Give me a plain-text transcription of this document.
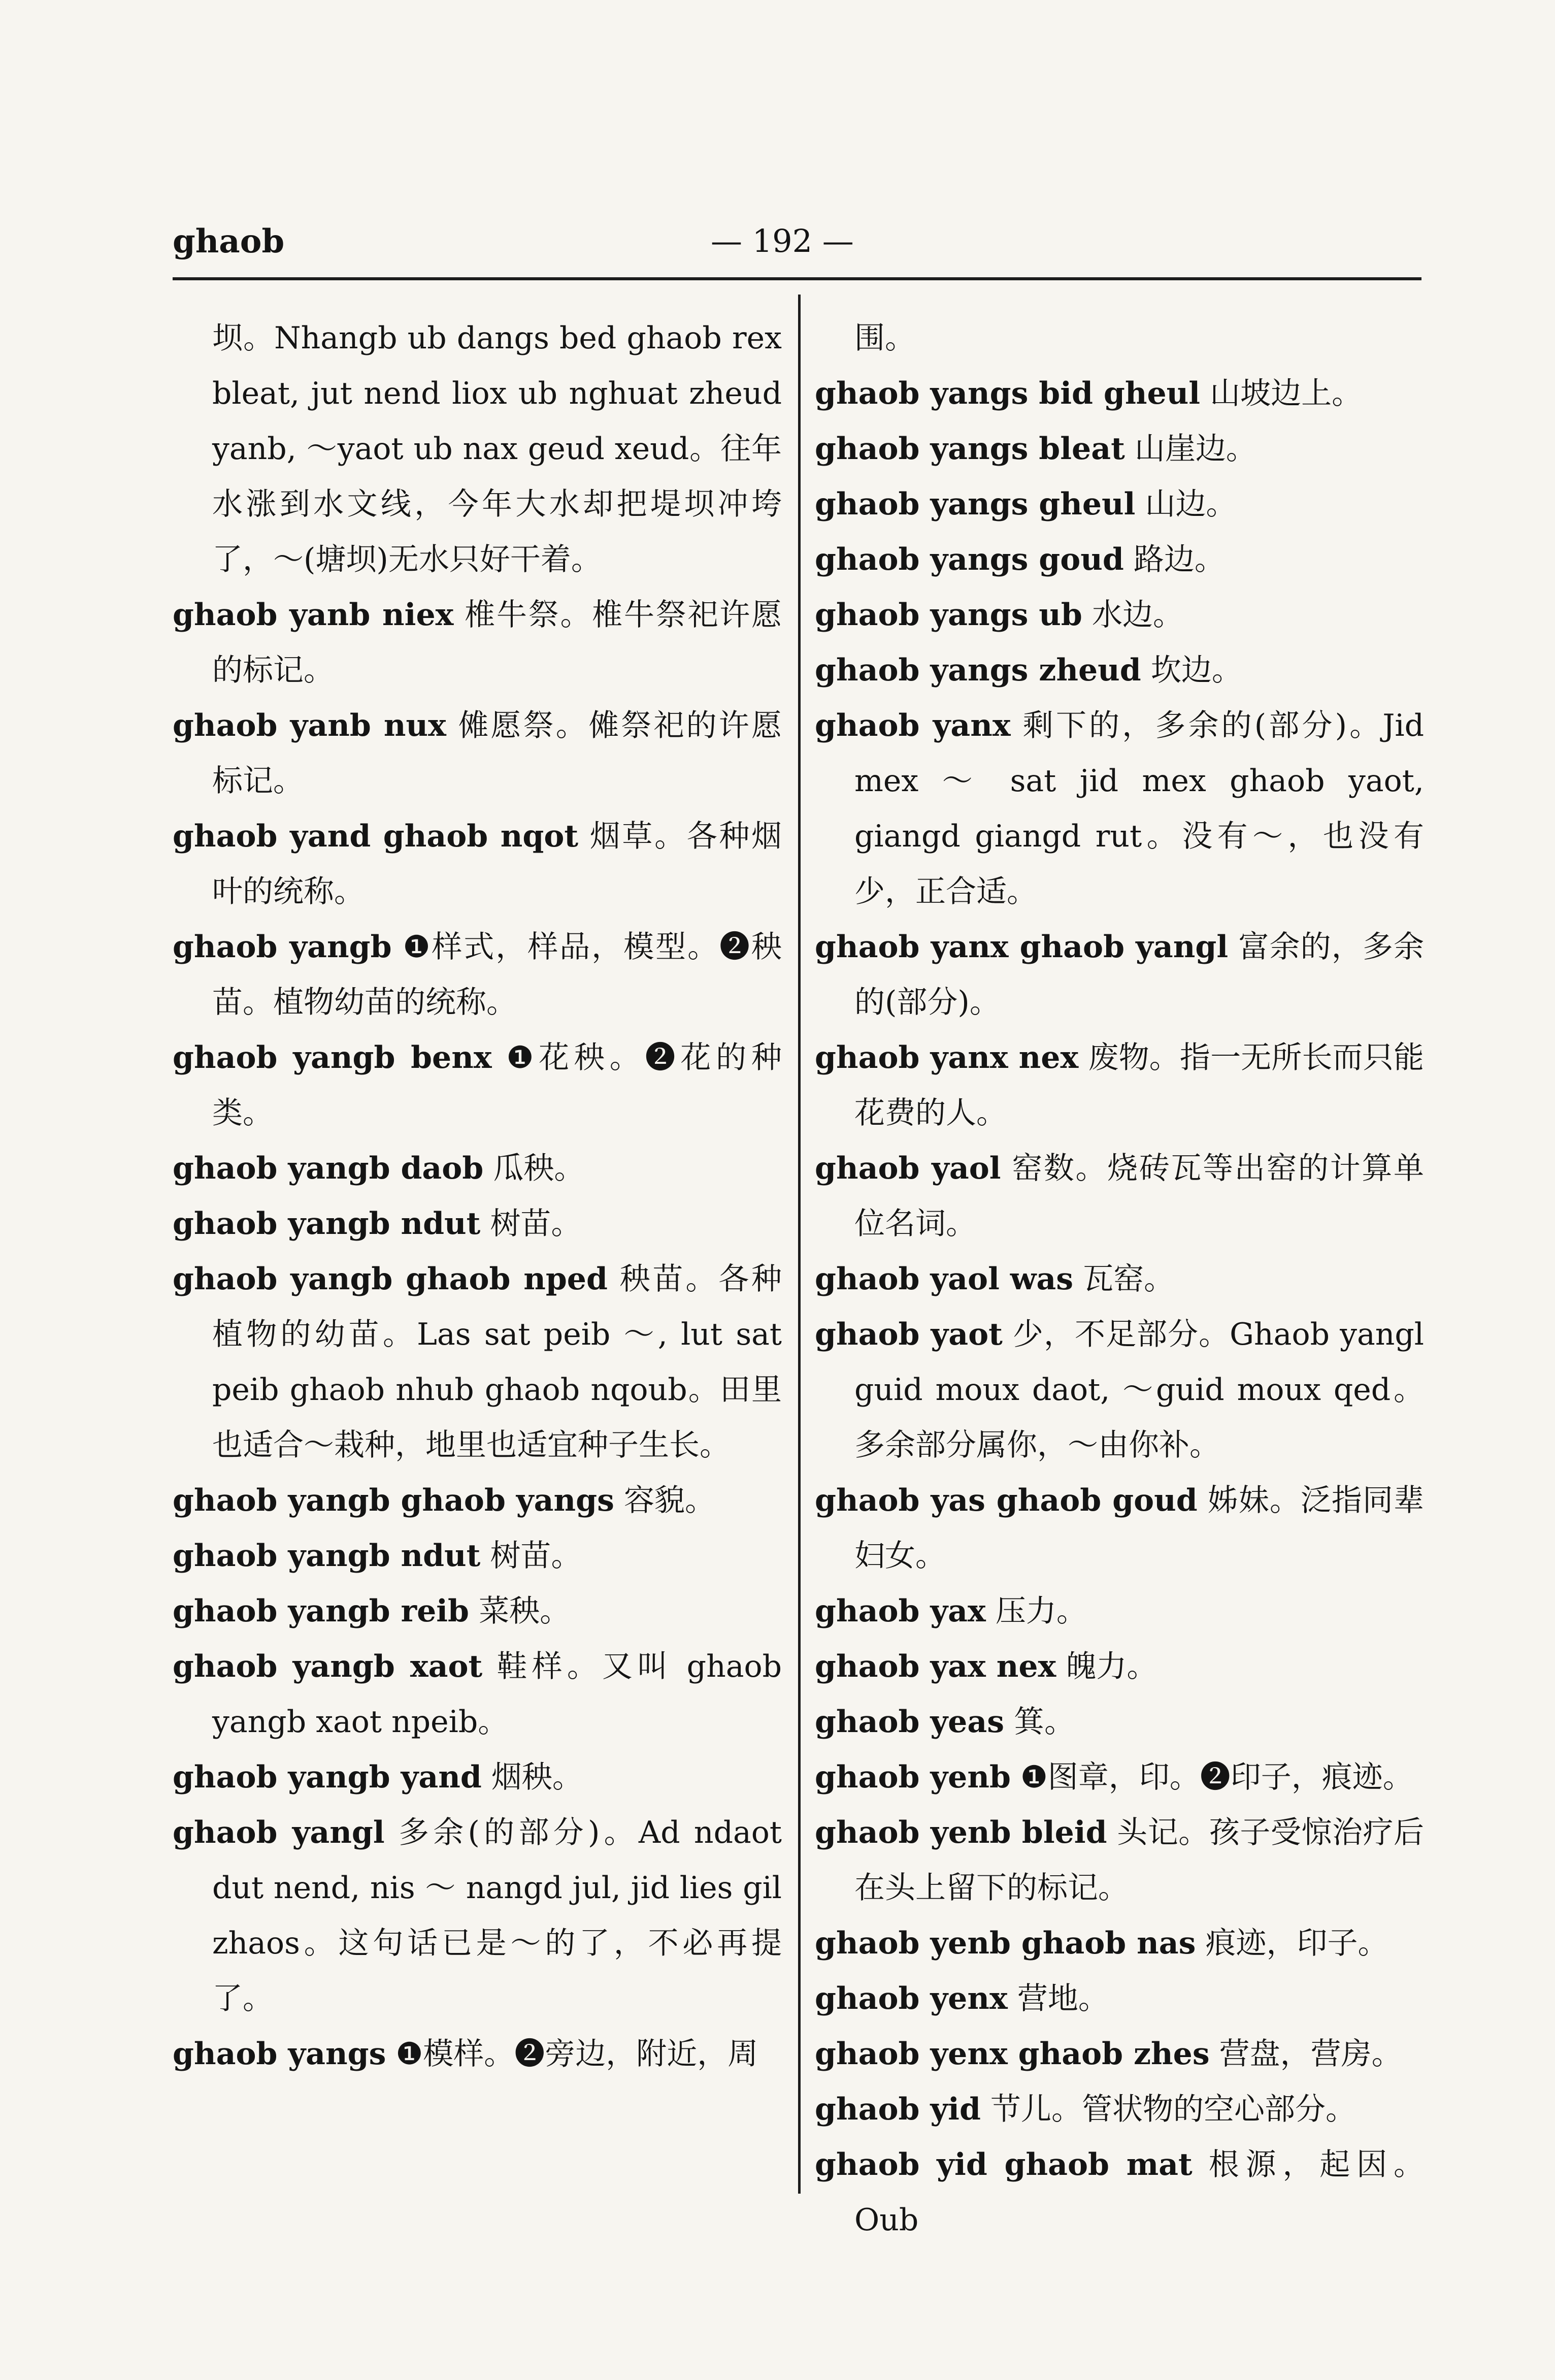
ghaob	— 192 —

坝。Nhangb ub dangs bed ghaob rex bleat, jut nend liox ub nghuat zheud yanb, ～yaot ub nax geud xeud。往年水涨到水文线，今年大水却把堤坝冲垮了，～(塘坝)无水只好干着。

ghaob yanb niex 椎牛祭。椎牛祭祀许愿的标记。

ghaob yanb nux 傩愿祭。傩祭祀的许愿标记。

ghaob yand ghaob nqot 烟草。各种烟叶的统称。

ghaob yangb ❶样式，样品，模型。❷秧苗。植物幼苗的统称。

ghaob yangb benx ❶花秧。❷花的种类。

ghaob yangb daob 瓜秧。

ghaob yangb ndut 树苗。

ghaob yangb ghaob nped 秧苗。各种植物的幼苗。Las sat peib ～, lut sat peib ghaob nhub ghaob nqoub。田里也适合～栽种，地里也适宜种子生长。

ghaob yangb ghaob yangs 容貌。

ghaob yangb ndut 树苗。

ghaob yangb reib 菜秧。

ghaob yangb xaot 鞋样。又叫 ghaob yangb xaot npeib。

ghaob yangb yand 烟秧。

ghaob yangl 多余(的部分)。Ad ndaot dut nend, nis ～ nangd jul, jid lies gil zhaos。这句话已是～的了，不必再提了。

ghaob yangs ❶模样。❷旁边，附近，周

围。

ghaob yangs bid gheul 山坡边上。

ghaob yangs bleat 山崖边。

ghaob yangs gheul 山边。

ghaob yangs goud 路边。

ghaob yangs ub 水边。

ghaob yangs zheud 坎边。

ghaob yanx 剩下的，多余的(部分)。Jid mex ～ sat jid mex ghaob yaot, giangd giangd rut。没有～，也没有少，正合适。

ghaob yanx ghaob yangl 富余的，多余的(部分)。

ghaob yanx nex 废物。指一无所长而只能花费的人。

ghaob yaol 窑数。烧砖瓦等出窑的计算单位名词。

ghaob yaol was 瓦窑。

ghaob yaot 少，不足部分。Ghaob yangl guid moux daot, ～guid moux qed。多余部分属你，～由你补。

ghaob yas ghaob goud 姊妹。泛指同辈妇女。

ghaob yax 压力。

ghaob yax nex 魄力。

ghaob yeas 箕。

ghaob yenb ❶图章，印。❷印子，痕迹。

ghaob yenb bleid 头记。孩子受惊治疗后在头上留下的标记。

ghaob yenb ghaob nas 痕迹，印子。

ghaob yenx 营地。

ghaob yenx ghaob zhes 营盘，营房。

ghaob yid 节儿。管状物的空心部分。

ghaob yid ghaob mat 根源，起因。Oub
